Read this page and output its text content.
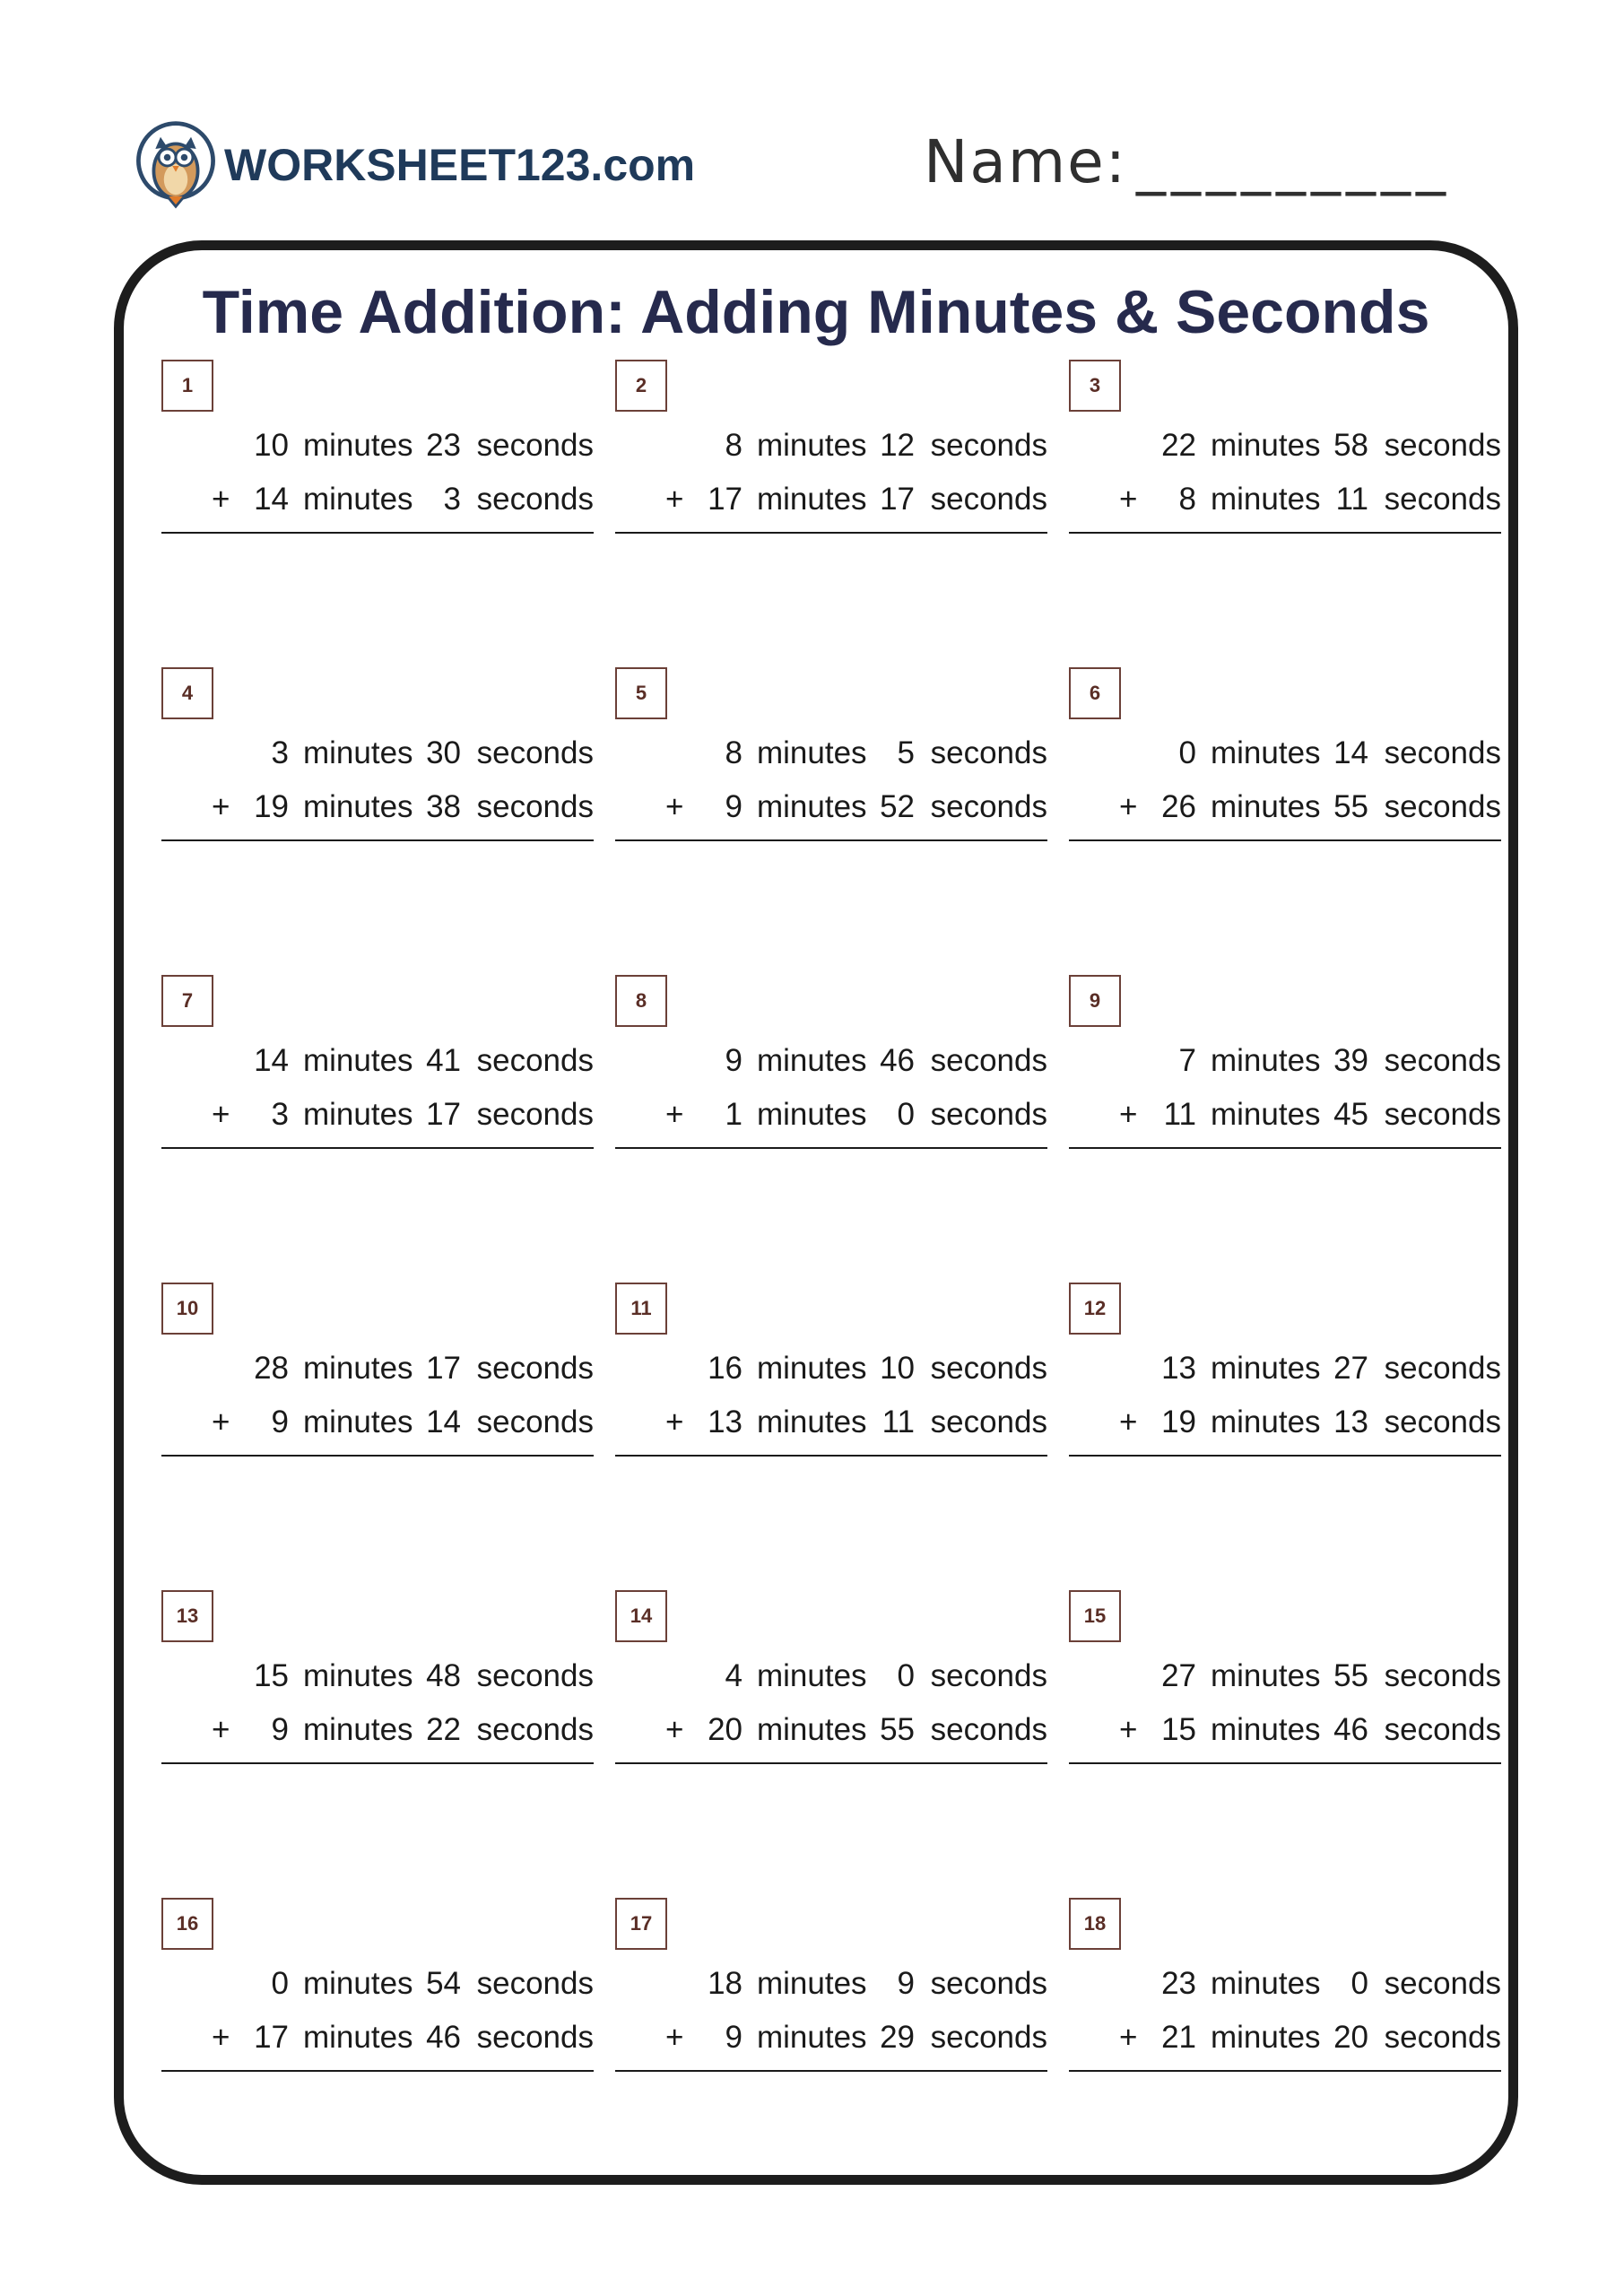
WORKSHEET123.com	Name: _________
Time Addition: Adding Minutes & Seconds
1
10 minutes 23 seconds
+ 14 minutes 3 seconds
2
8 minutes 12 seconds
+ 17 minutes 17 seconds
3
22 minutes 58 seconds
+	8 minutes 11 seconds
4
3 minutes 30 seconds
+ 19 minutes 38 seconds
5
8 minutes 5 seconds
+	9 minutes 52 seconds
6
0 minutes 14 seconds
+ 26 minutes 55 seconds
7
14 minutes 41 seconds
+	3 minutes 17 seconds
8
9 minutes 46 seconds
+	1 minutes 0 seconds
9
7 minutes 39 seconds
+ 11 minutes 45 seconds
10
28 minutes 17 seconds
+	9 minutes 14 seconds
11
16 minutes 10 seconds
+ 13 minutes 11 seconds
12
13 minutes 27 seconds
+ 19 minutes 13 seconds
13
15 minutes 48 seconds
+	9 minutes 22 seconds
14
4 minutes 0 seconds
+ 20 minutes 55 seconds
15
27 minutes 55 seconds
+ 15 minutes 46 seconds
16
0 minutes 54 seconds
+ 17 minutes 46 seconds
17
18 minutes 9 seconds
+	9 minutes 29 seconds
18
23 minutes 0 seconds
+ 21 minutes 20 seconds
